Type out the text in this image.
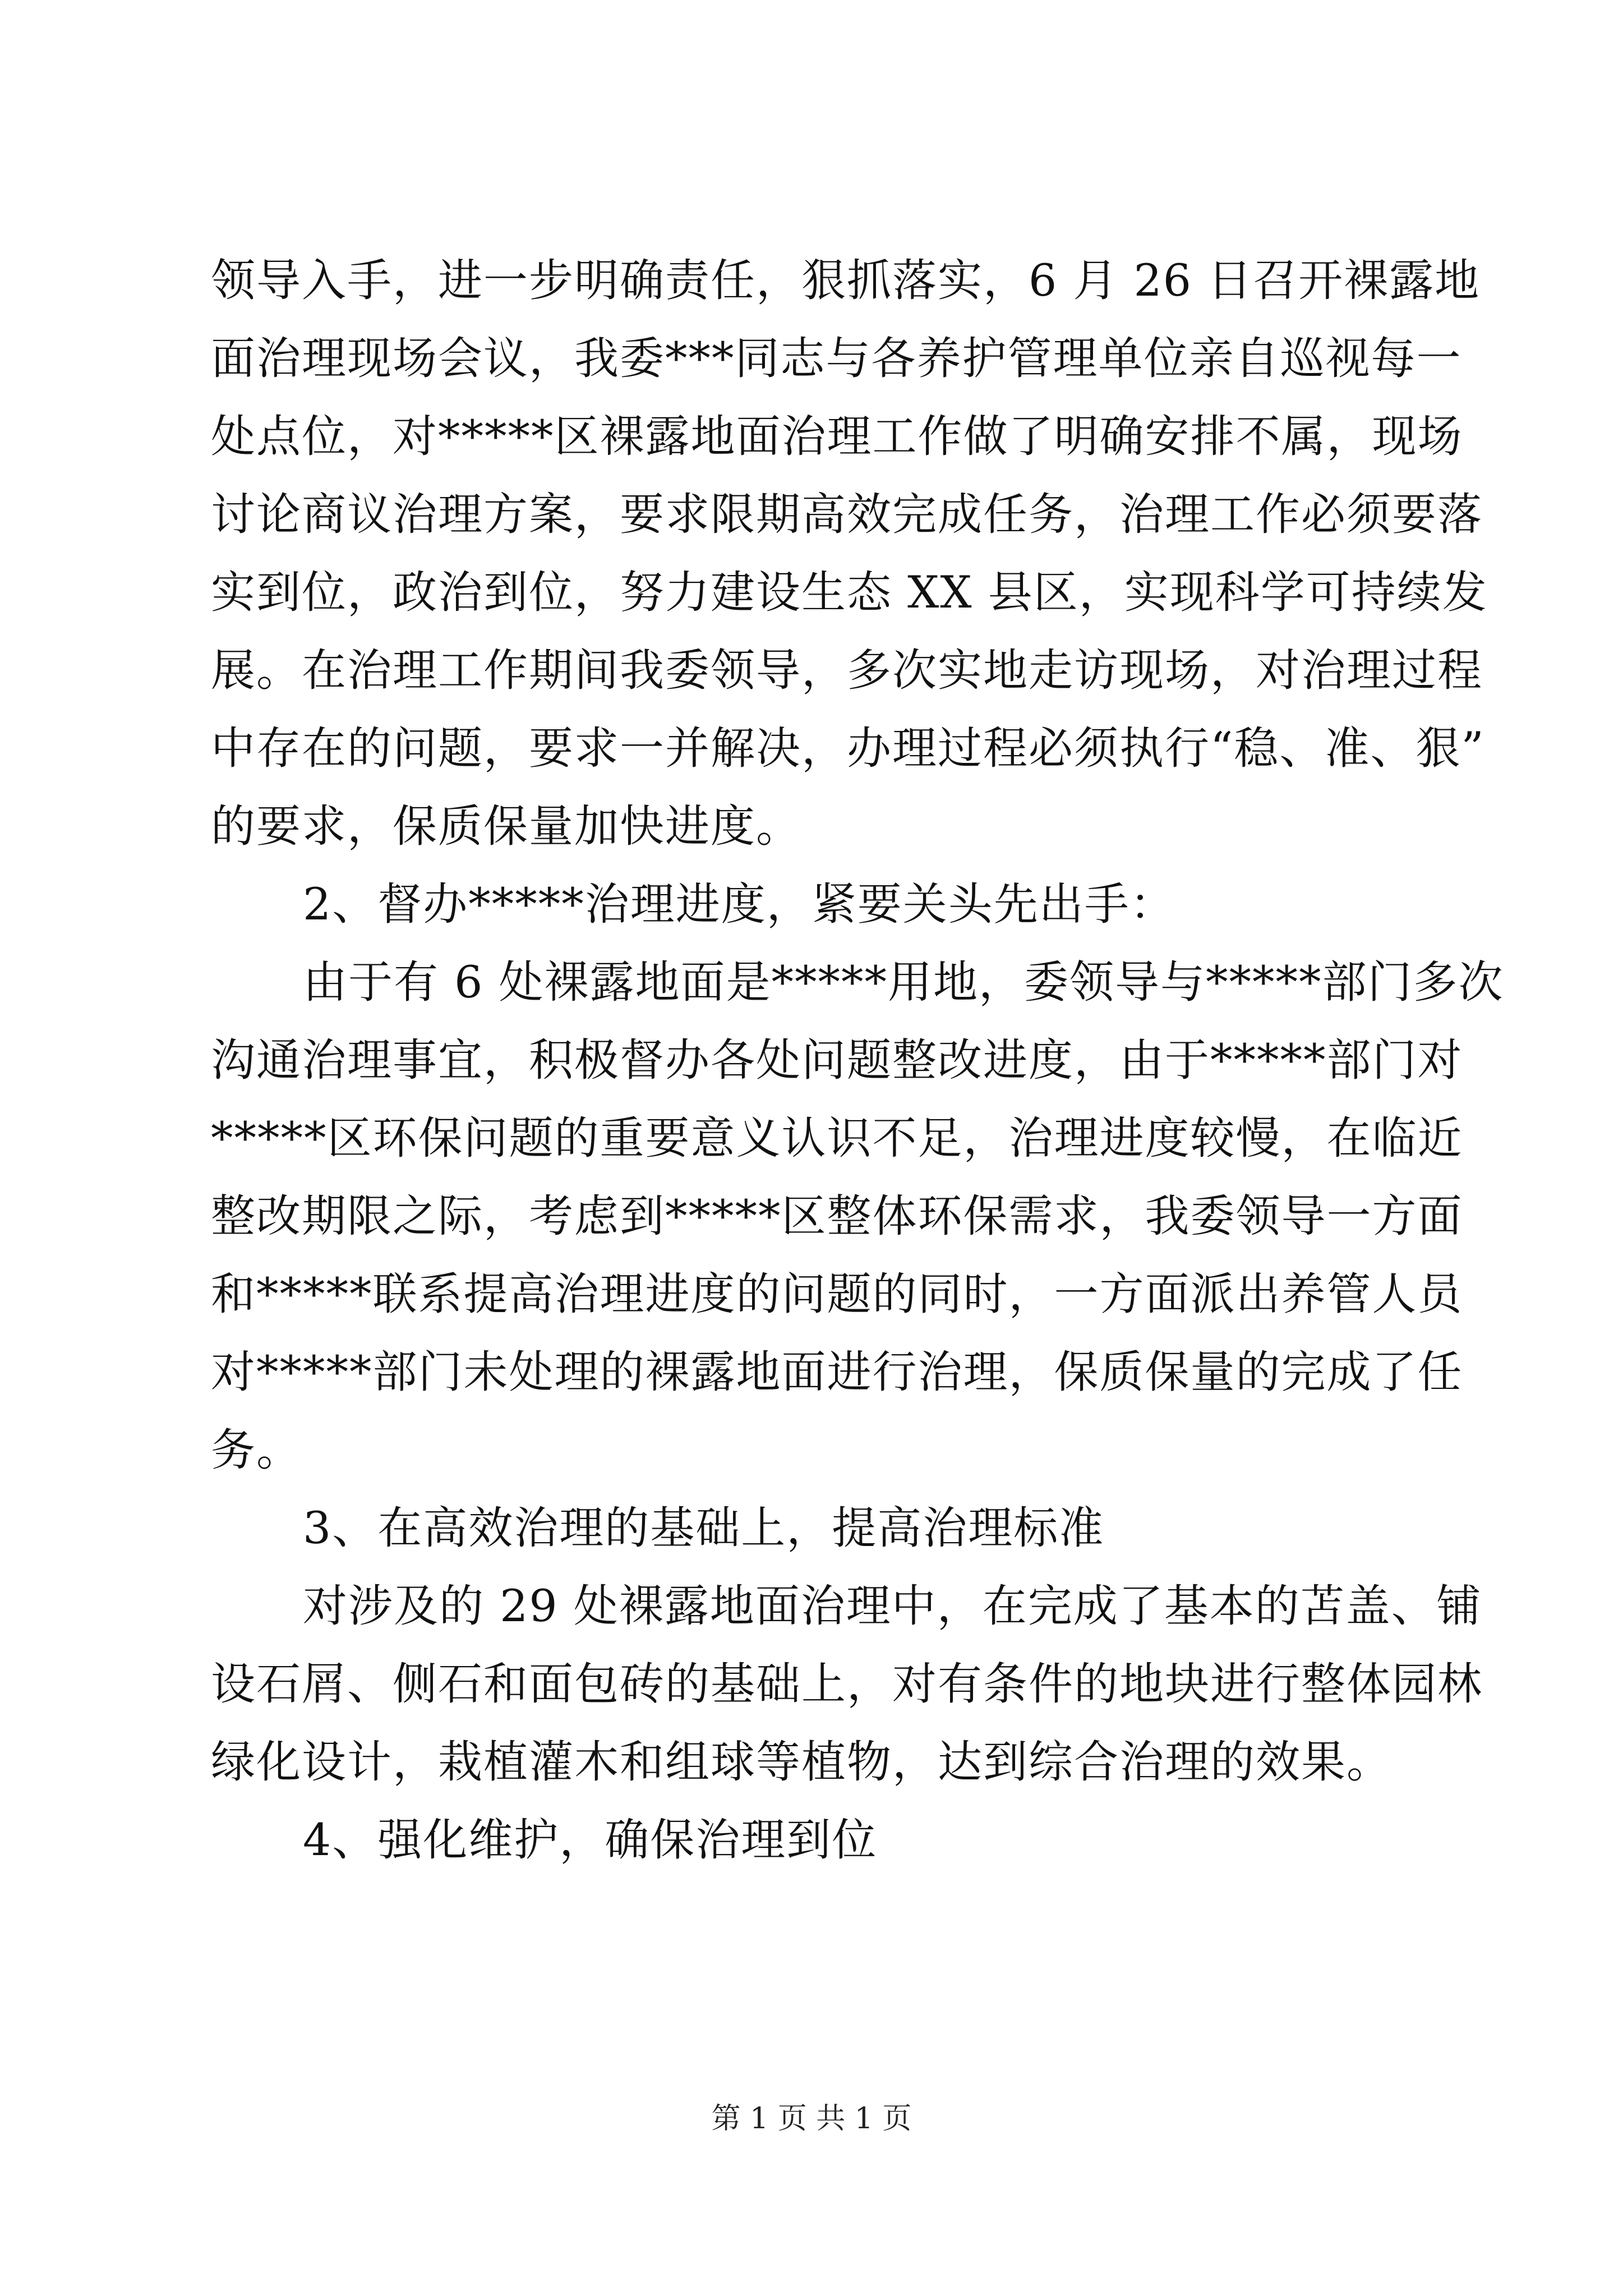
领导入手，进一步明确责任，狠抓落实，6 月 26 日召开裸露地
面治理现场会议，我委***同志与各养护管理单位亲自巡视每一
处点位，对*****区裸露地面治理工作做了明确安排不属，现场
讨论商议治理方案，要求限期高效完成任务，治理工作必须要落
实到位，政治到位，努力建设生态 XX 县区，实现科学可持续发
展。在治理工作期间我委领导，多次实地走访现场，对治理过程
中存在的问题，要求一并解决，办理过程必须执行“稳、准、狠”
的要求，保质保量加快进度。
2、督办*****治理进度，紧要关头先出手：
由于有 6 处裸露地面是*****用地，委领导与*****部门多次
沟通治理事宜，积极督办各处问题整改进度，由于*****部门对
*****区环保问题的重要意义认识不足，治理进度较慢，在临近
整改期限之际，考虑到*****区整体环保需求，我委领导一方面
和*****联系提高治理进度的问题的同时，一方面派出养管人员
对*****部门未处理的裸露地面进行治理，保质保量的完成了任
务。
3、在高效治理的基础上，提高治理标准
对涉及的 29 处裸露地面治理中，在完成了基本的苫盖、铺
设石屑、侧石和面包砖的基础上，对有条件的地块进行整体园林
绿化设计，栽植灌木和组球等植物，达到综合治理的效果。
4、强化维护，确保治理到位
第 1 页 共 1 页
